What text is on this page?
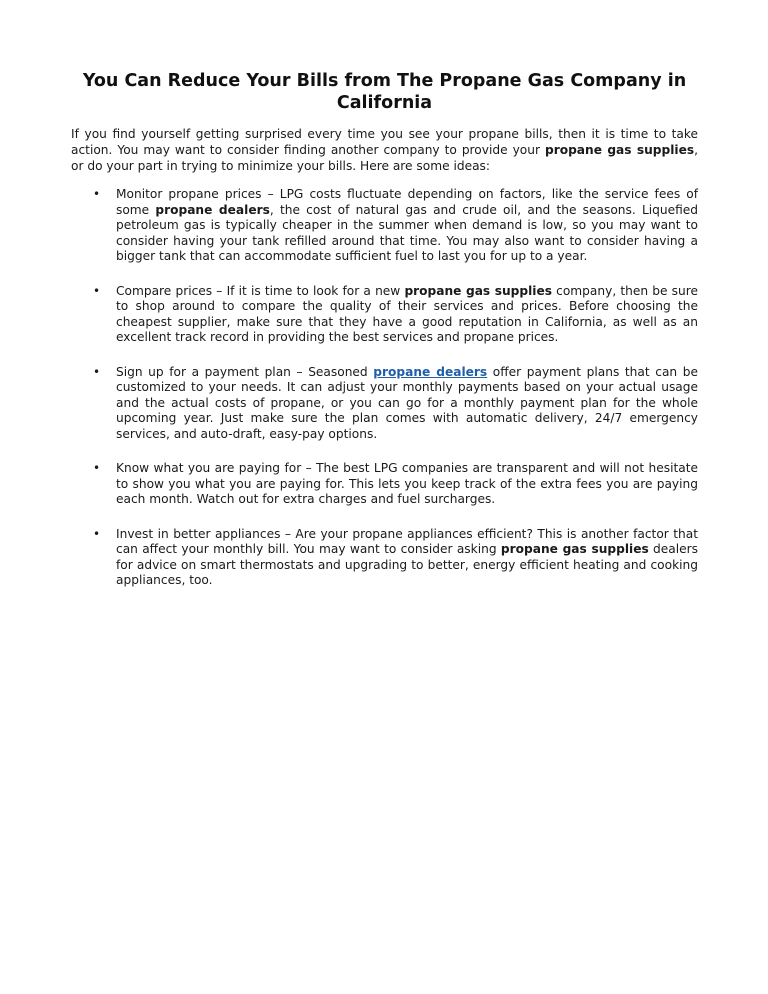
You Can Reduce Your Bills from The Propane Gas Company in California

If you find yourself getting surprised every time you see your propane bills, then it is time to take action. You may want to consider finding another company to provide your propane gas supplies, or do your part in trying to minimize your bills. Here are some ideas:

• Monitor propane prices – LPG costs fluctuate depending on factors, like the service fees of some propane dealers, the cost of natural gas and crude oil, and the seasons. Liquefied petroleum gas is typically cheaper in the summer when demand is low, so you may want to consider having your tank refilled around that time. You may also want to consider having a bigger tank that can accommodate sufficient fuel to last you for up to a year.
• Compare prices – If it is time to look for a new propane gas supplies company, then be sure to shop around to compare the quality of their services and prices. Before choosing the cheapest supplier, make sure that they have a good reputation in California, as well as an excellent track record in providing the best services and propane prices.
• Sign up for a payment plan – Seasoned propane dealers offer payment plans that can be customized to your needs. It can adjust your monthly payments based on your actual usage and the actual costs of propane, or you can go for a monthly payment plan for the whole upcoming year. Just make sure the plan comes with automatic delivery, 24/7 emergency services, and auto-draft, easy-pay options.
• Know what you are paying for – The best LPG companies are transparent and will not hesitate to show you what you are paying for. This lets you keep track of the extra fees you are paying each month. Watch out for extra charges and fuel surcharges.
• Invest in better appliances – Are your propane appliances efficient? This is another factor that can affect your monthly bill. You may want to consider asking propane gas supplies dealers for advice on smart thermostats and upgrading to better, energy efficient heating and cooking appliances, too.
